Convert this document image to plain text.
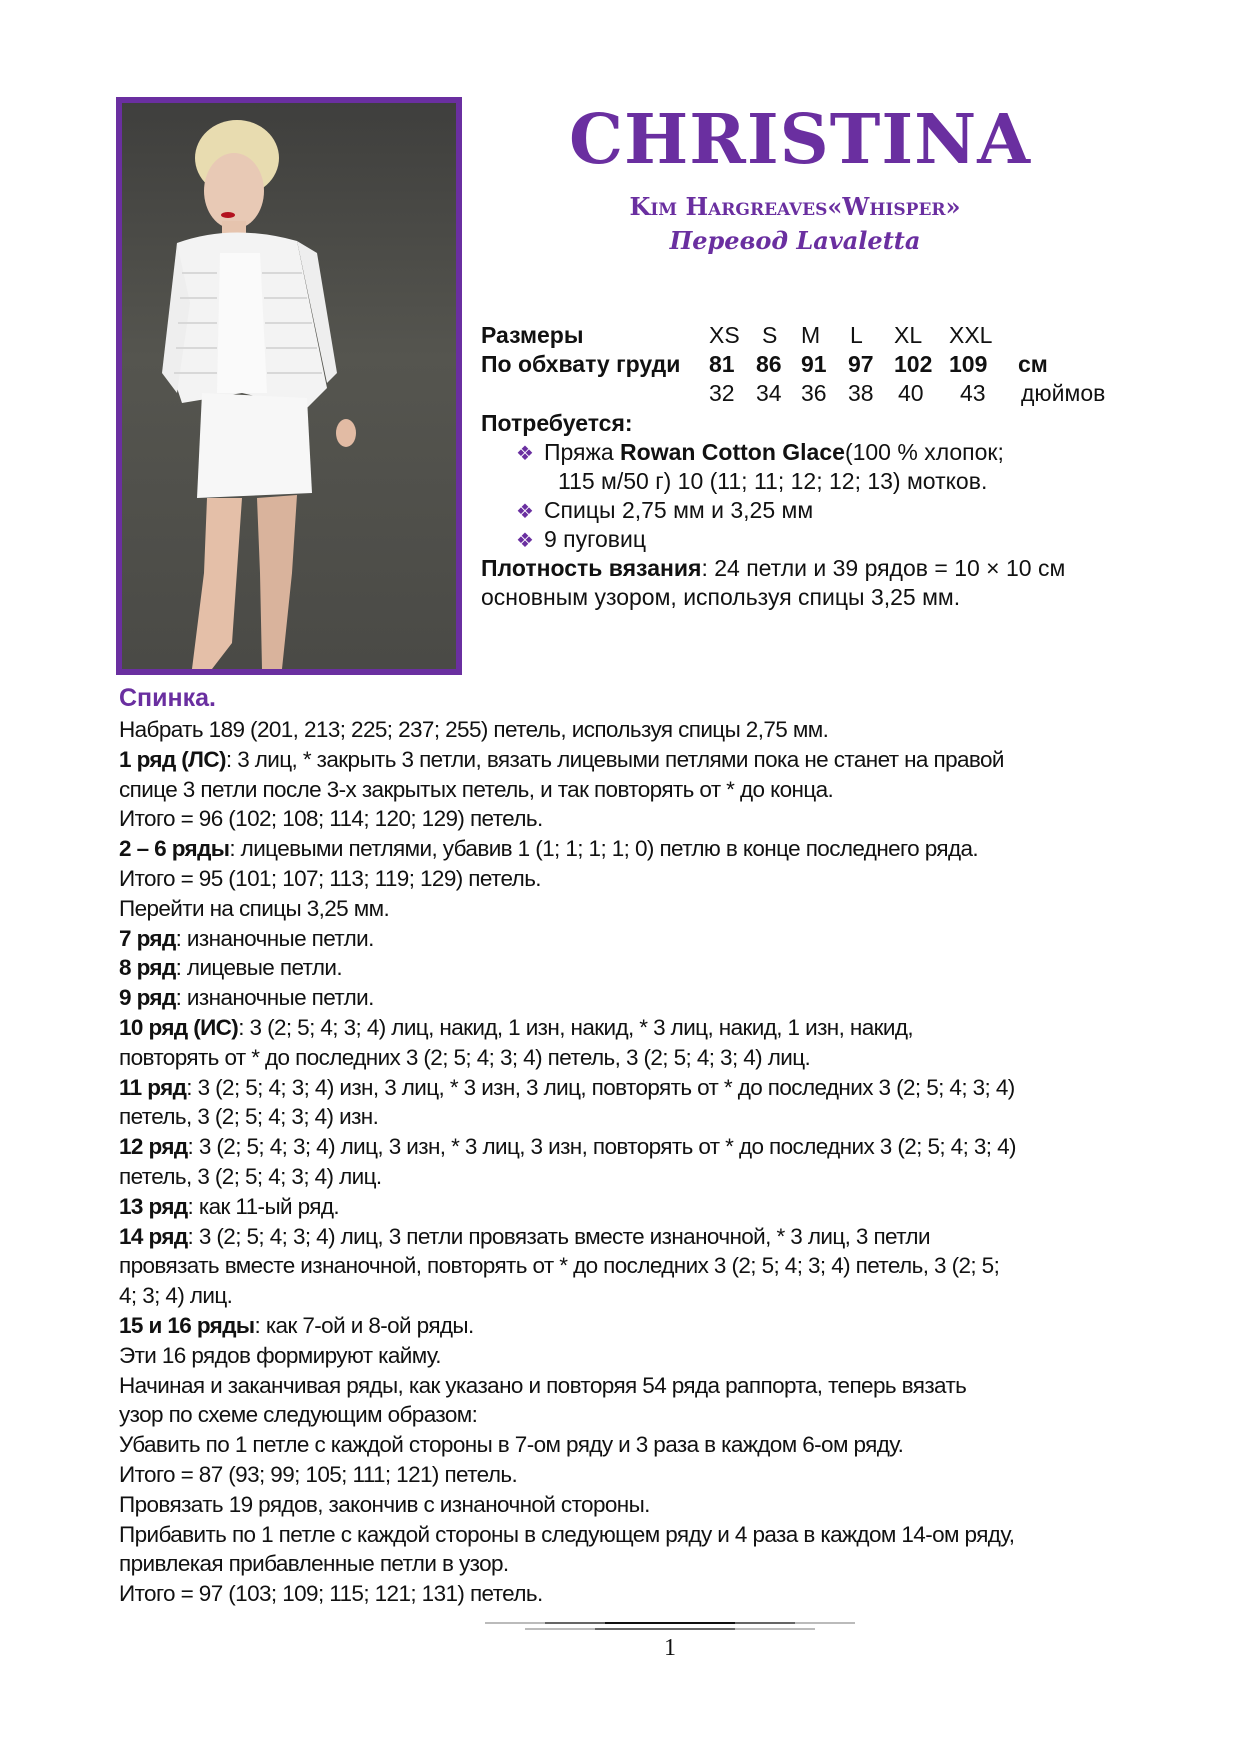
CHRISTINA
Kim Hargreaves«Whisper»
Перевод Lavaletta
Размеры	XS S M L XL XXL
По обхвату груди 81 86 91 97 102 109 см
32 34 36 38 40 43 дюймов
Потребуется:
❖ Пряжа Rowan Cotton Glace(100 % хлопок;
115 м/50 г) 10 (11; 11; 12; 12; 13) мотков.
❖ Спицы 2,75 мм и 3,25 мм
❖ 9 пуговиц
Плотность вязания: 24 петли и 39 рядов = 10 × 10 см
основным узором, используя спицы 3,25 мм.
Спинка.
Набрать 189 (201, 213; 225; 237; 255) петель, используя спицы 2,75 мм.
1 ряд (ЛС): 3 лиц, * закрыть 3 петли, вязать лицевыми петлями пока не станет на правой
спице 3 петли после 3-х закрытых петель, и так повторять от * до конца.
Итого = 96 (102; 108; 114; 120; 129) петель.
2 – 6 ряды: лицевыми петлями, убавив 1 (1; 1; 1; 1; 0) петлю в конце последнего ряда.
Итого = 95 (101; 107; 113; 119; 129) петель.
Перейти на спицы 3,25 мм.
7 ряд: изнаночные петли.
8 ряд: лицевые петли.
9 ряд: изнаночные петли.
10 ряд (ИС): 3 (2; 5; 4; 3; 4) лиц, накид, 1 изн, накид, * 3 лиц, накид, 1 изн, накид,
повторять от * до последних 3 (2; 5; 4; 3; 4) петель, 3 (2; 5; 4; 3; 4) лиц.
11 ряд: 3 (2; 5; 4; 3; 4) изн, 3 лиц, * 3 изн, 3 лиц, повторять от * до последних 3 (2; 5; 4; 3; 4)
петель, 3 (2; 5; 4; 3; 4) изн.
12 ряд: 3 (2; 5; 4; 3; 4) лиц, 3 изн, * 3 лиц, 3 изн, повторять от * до последних 3 (2; 5; 4; 3; 4)
петель, 3 (2; 5; 4; 3; 4) лиц.
13 ряд: как 11-ый ряд.
14 ряд: 3 (2; 5; 4; 3; 4) лиц, 3 петли провязать вместе изнаночной, * 3 лиц, 3 петли
провязать вместе изнаночной, повторять от * до последних 3 (2; 5; 4; 3; 4) петель, 3 (2; 5;
4; 3; 4) лиц.
15 и 16 ряды: как 7-ой и 8-ой ряды.
Эти 16 рядов формируют кайму.
Начиная и заканчивая ряды, как указано и повторяя 54 ряда раппорта, теперь вязать
узор по схеме следующим образом:
Убавить по 1 петле с каждой стороны в 7-ом ряду и 3 раза в каждом 6-ом ряду.
Итого = 87 (93; 99; 105; 111; 121) петель.
Провязать 19 рядов, закончив с изнаночной стороны.
Прибавить по 1 петле с каждой стороны в следующем ряду и 4 раза в каждом 14-ом ряду,
привлекая прибавленные петли в узор.
Итого = 97 (103; 109; 115; 121; 131) петель.
1
